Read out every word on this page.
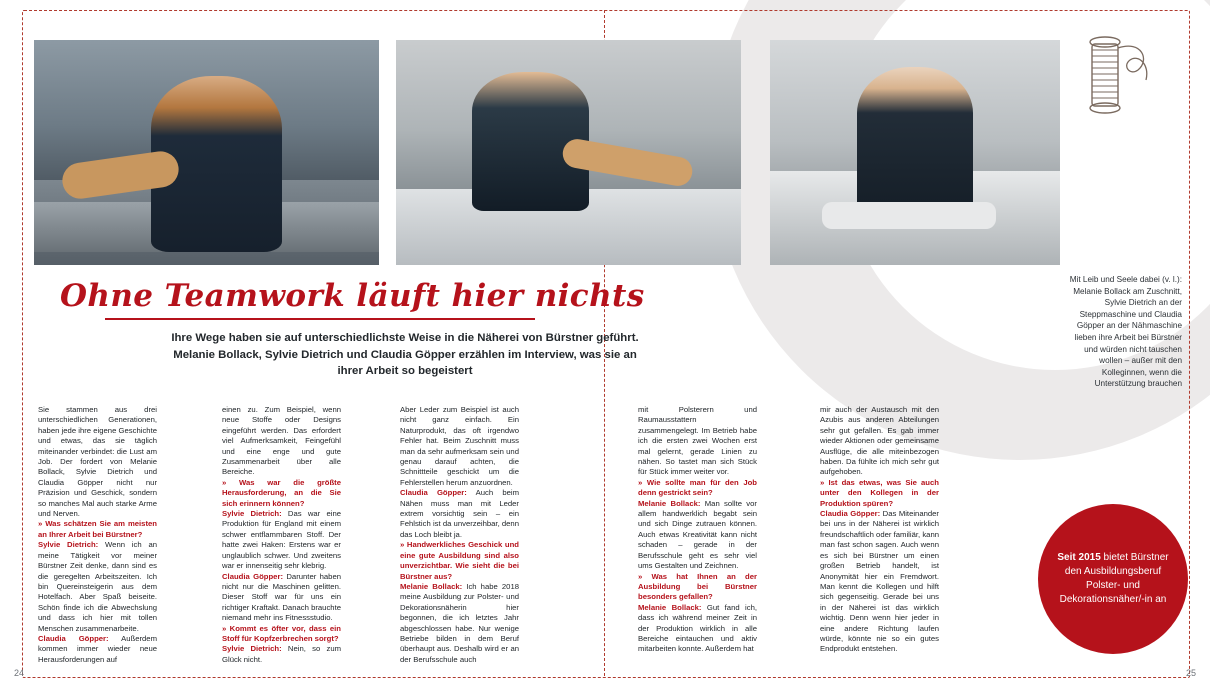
Ohne Teamwork läuft hier nichts
Ihre Wege haben sie auf unterschiedlichste Weise in die Näherei von Bürstner geführt. Melanie Bollack, Sylvie Dietrich und Claudia Göpper erzählen im Interview, was sie an ihrer Arbeit so begeistert
Mit Leib und Seele dabei (v. l.): Melanie Bollack am Zuschnitt, Sylvie Dietrich an der Steppmaschine und Claudia Göpper an der Nähmaschine lieben ihre Arbeit bei Bürstner und würden nicht tauschen wollen – außer mit den Kolleginnen, wenn die Unterstützung brauchen

Sie stammen aus drei unterschiedlichen Generationen, haben jede ihre eigene Geschichte und etwas, das sie täglich miteinander verbindet: die Lust am Job. Der fordert von Melanie Bollack, Sylvie Dietrich und Claudia Göpper nicht nur Präzision und Geschick, sondern so manches Mal auch starke Arme und Nerven.

» Was schätzen Sie am meisten an Ihrer Arbeit bei Bürstner?

Sylvie Dietrich: Wenn ich an meine Tätigkeit vor meiner Bürstner Zeit denke, dann sind es die geregelten Arbeitszeiten. Ich bin Quereinsteigerin aus dem Hotelfach. Aber Spaß beiseite. Schön finde ich die Abwechslung und dass ich hier mit tollen Menschen zusammenarbeite.

Claudia Göpper: Außerdem kommen immer wieder neue Herausforderungen auf

einen zu. Zum Beispiel, wenn neue Stoffe oder Designs eingeführt werden. Das erfordert viel Aufmerksamkeit, Feingefühl und eine enge und gute Zusammenarbeit über alle Bereiche.

» Was war die größte Herausforderung, an die Sie sich erinnern können?

Sylvie Dietrich: Das war eine Produktion für England mit einem schwer entflammbaren Stoff. Der hatte zwei Haken: Erstens war er unglaublich schwer. Und zweitens war er innenseitig sehr klebrig.

Claudia Göpper: Darunter haben nicht nur die Maschinen gelitten. Dieser Stoff war für uns ein richtiger Kraftakt. Danach brauchte niemand mehr ins Fitnessstudio.

» Kommt es öfter vor, dass ein Stoff für Kopfzerbrechen sorgt?

Sylvie Dietrich: Nein, so zum Glück nicht.

Aber Leder zum Beispiel ist auch nicht ganz einfach. Ein Naturprodukt, das oft irgendwo Fehler hat. Beim Zuschnitt muss man da sehr aufmerksam sein und genau darauf achten, die Schnittteile geschickt um die Fehlerstellen herum anzuordnen.

Claudia Göpper: Auch beim Nähen muss man mit Leder extrem vorsichtig sein – ein Fehlstich ist da unverzeihbar, denn das Loch bleibt ja.

» Handwerkliches Geschick und eine gute Ausbildung sind also unverzichtbar. Wie sieht die bei Bürstner aus?

Melanie Bollack: Ich habe 2018 meine Ausbildung zur Polster- und Dekorationsnäherin hier begonnen, die ich letztes Jahr abgeschlossen habe. Nur wenige Betriebe bilden in dem Beruf überhaupt aus. Deshalb wird er an der Berufsschule auch

mit Polsterern und Raumausstattern zusammengelegt. Im Betrieb habe ich die ersten zwei Wochen erst mal gelernt, gerade Linien zu nähen. So tastet man sich Stück für Stück immer weiter vor.

» Wie sollte man für den Job denn gestrickt sein?

Melanie Bollack: Man sollte vor allem handwerklich begabt sein und sich Dinge zutrauen können. Auch etwas Kreativität kann nicht schaden – gerade in der Berufsschule geht es sehr viel ums Gestalten und Zeichnen.

» Was hat Ihnen an der Ausbildung bei Bürstner besonders gefallen?

Melanie Bollack: Gut fand ich, dass ich während meiner Zeit in der Produktion wirklich in alle Bereiche eintauchen und aktiv mitarbeiten konnte. Außerdem hat

mir auch der Austausch mit den Azubis aus anderen Abteilungen sehr gut gefallen. Es gab immer wieder Aktionen oder gemeinsame Ausflüge, die alle miteinbezogen haben. Da fühlte ich mich sehr gut aufgehoben.

» Ist das etwas, was Sie auch unter den Kollegen in der Produktion spüren?

Claudia Göpper: Das Miteinander bei uns in der Näherei ist wirklich freundschaftlich oder familiär, kann man fast schon sagen. Auch wenn es sich bei Bürstner um einen großen Betrieb handelt, ist Anonymität hier ein Fremdwort. Man kennt die Kollegen und hilft sich gegenseitig. Gerade bei uns in der Näherei ist das wirklich wichtig. Denn wenn hier jeder in eine andere Richtung laufen würde, könnte nie so ein gutes Endprodukt entstehen.

Seit 2015 bietet Bürstner den Ausbildungsberuf Polster- und Dekorationsnäher/-in an
24	25
